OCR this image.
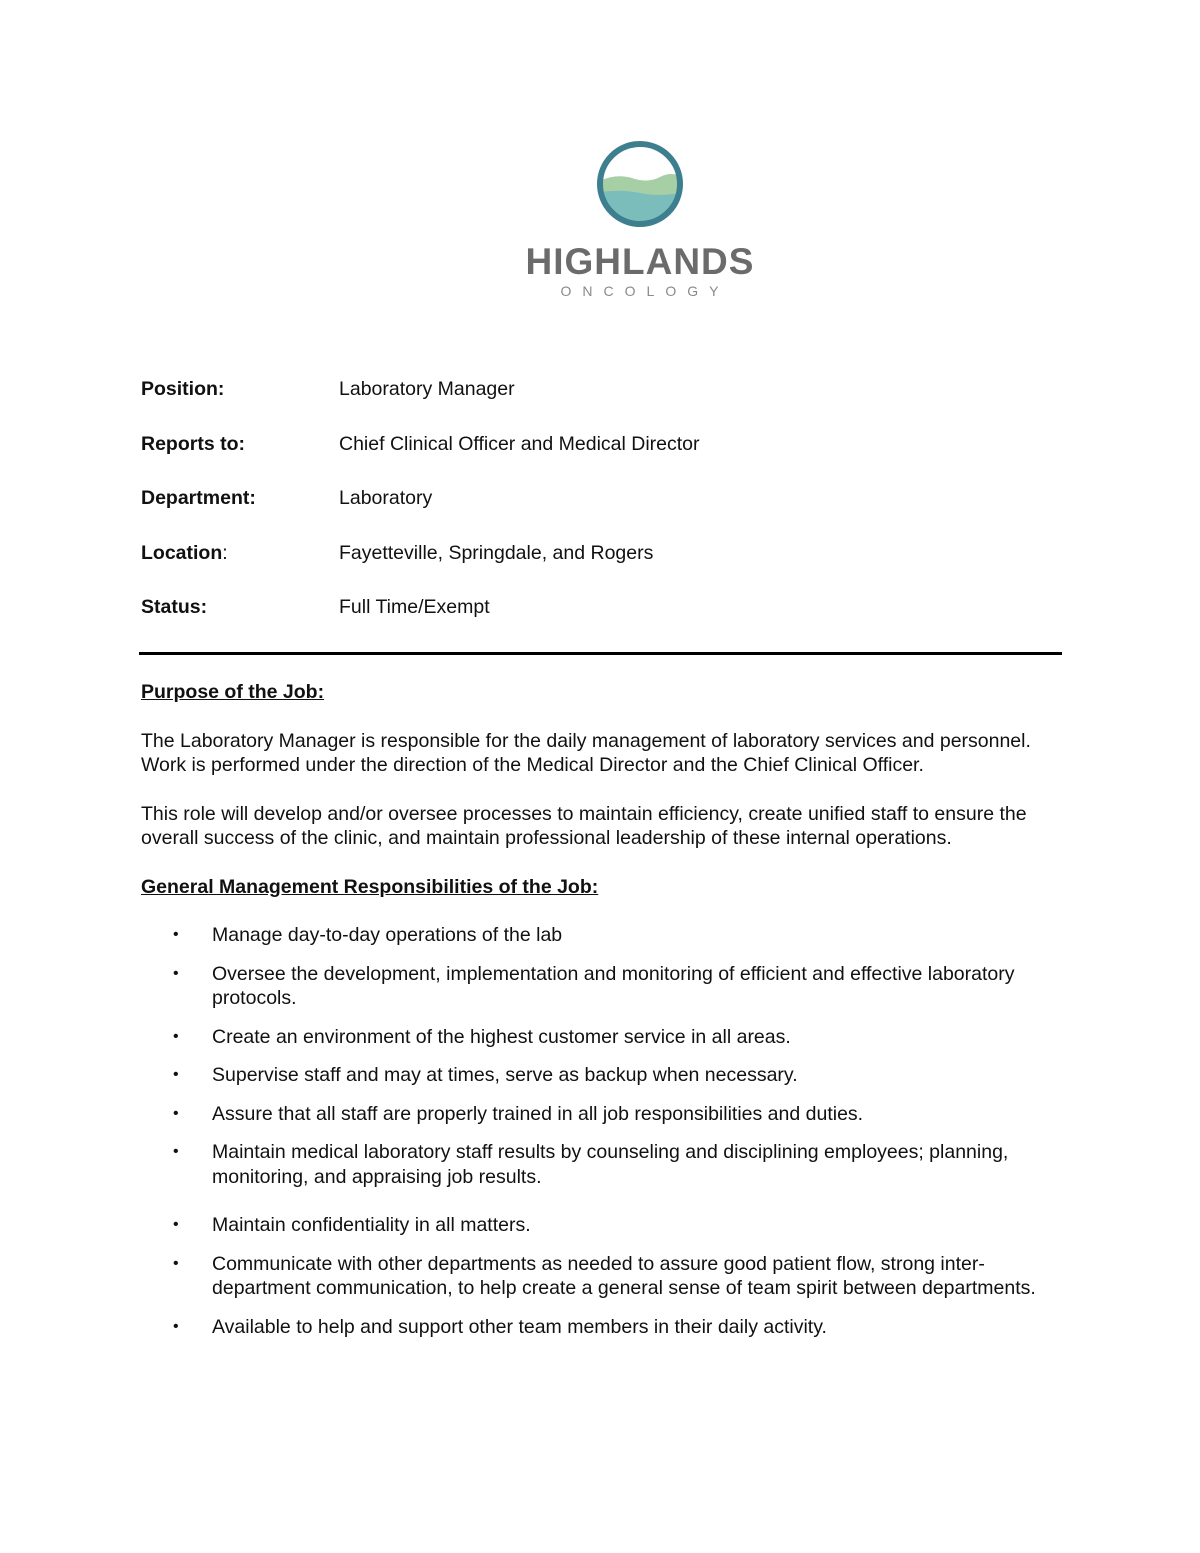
HIGHLANDS
ONCOLOGY
Position:	Laboratory Manager
Reports to:	Chief Clinical Officer and Medical Director
Department:	Laboratory
Location:	Fayetteville, Springdale, and Rogers
Status:	Full Time/Exempt
Purpose of the Job:

The Laboratory Manager is responsible for the daily management of laboratory services and personnel. Work is performed under the direction of the Medical Director and the Chief Clinical Officer.

This role will develop and/or oversee processes to maintain efficiency, create unified staff to ensure the overall success of the clinic, and maintain professional leadership of these internal operations.

General Management Responsibilities of the Job:
• Manage day-to-day operations of the lab
• Oversee the development, implementation and monitoring of efficient and effective laboratory protocols.
• Create an environment of the highest customer service in all areas.
• Supervise staff and may at times, serve as backup when necessary.
• Assure that all staff are properly trained in all job responsibilities and duties.
• Maintain medical laboratory staff results by counseling and disciplining employees; planning, monitoring, and appraising job results.
• Maintain confidentiality in all matters.
• Communicate with other departments as needed to assure good patient flow, strong inter-department communication, to help create a general sense of team spirit between departments.
• Available to help and support other team members in their daily activity.
